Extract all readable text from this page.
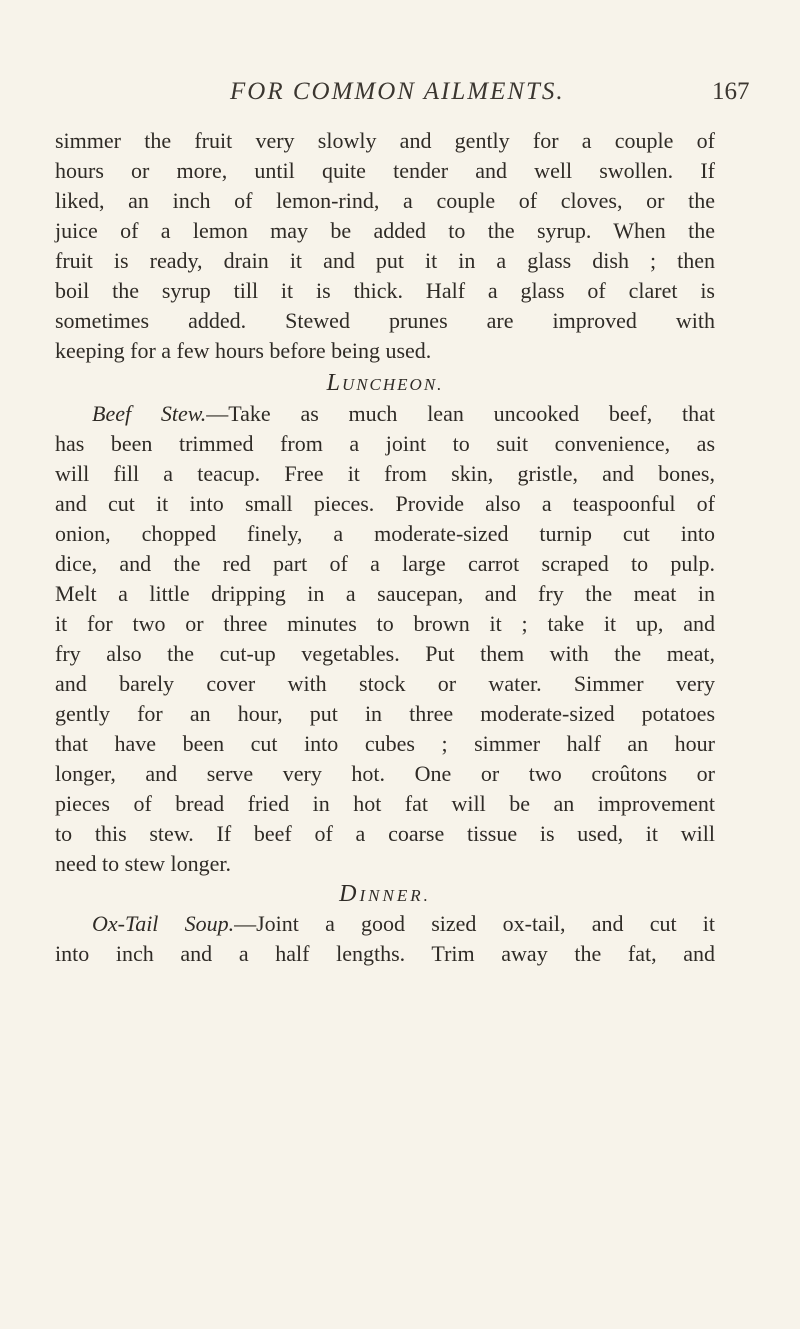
FOR COMMON AILMENTS.	167
simmer the fruit very slowly and gently for a couple of
hours or more, until quite tender and well swollen. If
liked, an inch of lemon-rind, a couple of cloves, or the
juice of a lemon may be added to the syrup. When the
fruit is ready, drain it and put it in a glass dish ; then
boil the syrup till it is thick. Half a glass of claret is
sometimes added. Stewed prunes are improved with
keeping for a few hours before being used.
LUNCHEON.
Beef Stew.—Take as much lean uncooked beef, that
has been trimmed from a joint to suit convenience, as
will fill a teacup. Free it from skin, gristle, and bones,
and cut it into small pieces. Provide also a teaspoonful of
onion, chopped finely, a moderate-sized turnip cut into
dice, and the red part of a large carrot scraped to pulp.
Melt a little dripping in a saucepan, and fry the meat in
it for two or three minutes to brown it ; take it up, and
fry also the cut-up vegetables. Put them with the meat,
and barely cover with stock or water. Simmer very
gently for an hour, put in three moderate-sized potatoes
that have been cut into cubes ; simmer half an hour
longer, and serve very hot. One or two croûtons or
pieces of bread fried in hot fat will be an improvement
to this stew. If beef of a coarse tissue is used, it will
need to stew longer.
DINNER.
Ox-Tail Soup.—Joint a good sized ox-tail, and cut it
into inch and a half lengths. Trim away the fat, and
